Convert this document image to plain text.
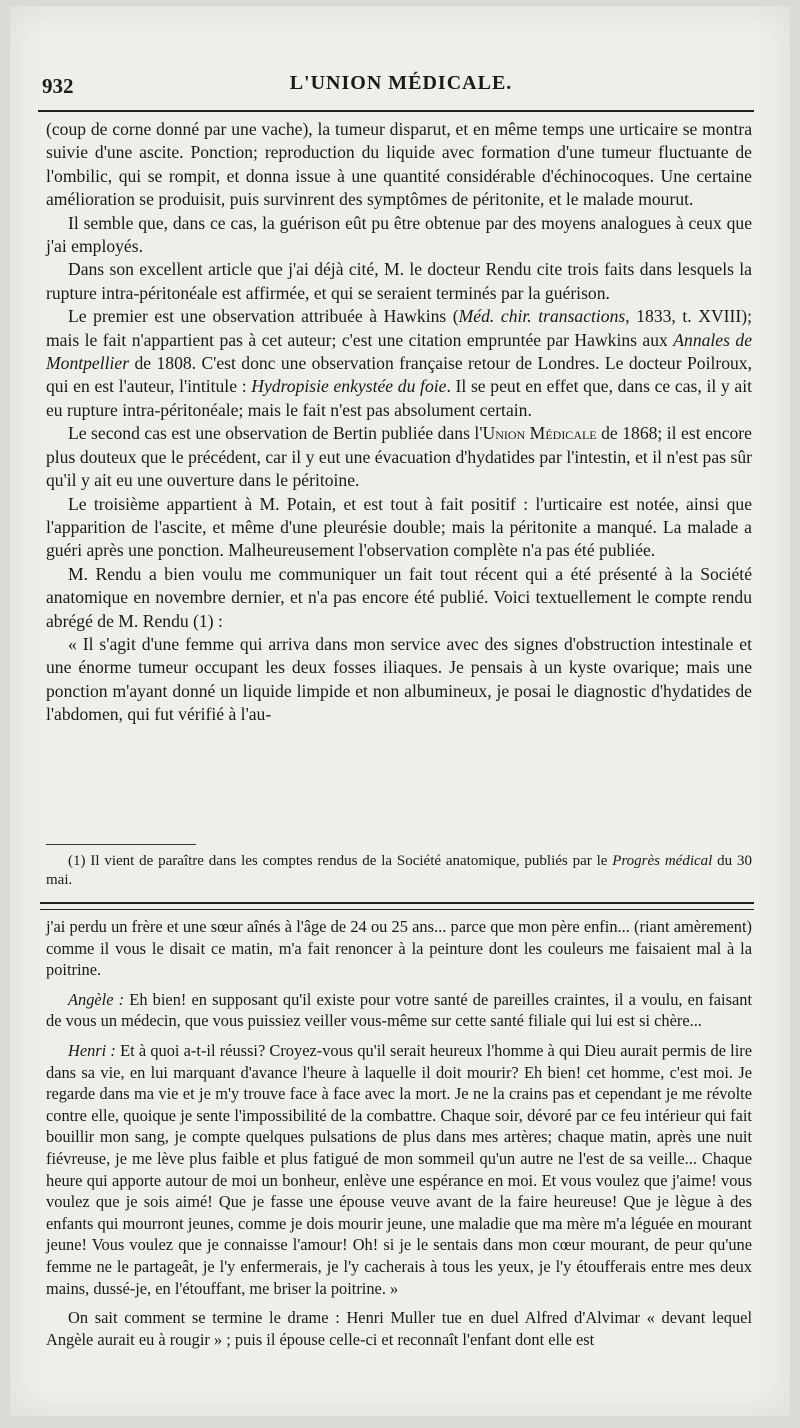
932	L'UNION MÉDICALE.

(coup de corne donné par une vache), la tumeur disparut, et en même temps une urticaire se montra suivie d'une ascite. Ponction; reproduction du liquide avec formation d'une tumeur fluctuante de l'ombilic, qui se rompit, et donna issue à une quantité considérable d'échinocoques. Une certaine amélioration se produisit, puis survinrent des symptômes de péritonite, et le malade mourut.

Il semble que, dans ce cas, la guérison eût pu être obtenue par des moyens analogues à ceux que j'ai employés.

Dans son excellent article que j'ai déjà cité, M. le docteur Rendu cite trois faits dans lesquels la rupture intra-péritonéale est affirmée, et qui se seraient terminés par la guérison.

Le premier est une observation attribuée à Hawkins (Méd. chir. transactions, 1833, t. XVIII); mais le fait n'appartient pas à cet auteur; c'est une citation empruntée par Hawkins aux Annales de Montpellier de 1808. C'est donc une observation française retour de Londres. Le docteur Poilroux, qui en est l'auteur, l'intitule : Hydropisie enkystée du foie. Il se peut en effet que, dans ce cas, il y ait eu rupture intra-péritonéale; mais le fait n'est pas absolument certain.

Le second cas est une observation de Bertin publiée dans l'Union Médicale de 1868; il est encore plus douteux que le précédent, car il y eut une évacuation d'hydatides par l'intestin, et il n'est pas sûr qu'il y ait eu une ouverture dans le péritoine.

Le troisième appartient à M. Potain, et est tout à fait positif : l'urticaire est notée, ainsi que l'apparition de l'ascite, et même d'une pleurésie double; mais la péritonite a manqué. La malade a guéri après une ponction. Malheureusement l'observation complète n'a pas été publiée.

M. Rendu a bien voulu me communiquer un fait tout récent qui a été présenté à la Société anatomique en novembre dernier, et n'a pas encore été publié. Voici textuellement le compte rendu abrégé de M. Rendu (1) :

« Il s'agit d'une femme qui arriva dans mon service avec des signes d'obstruction intestinale et une énorme tumeur occupant les deux fosses iliaques. Je pensais à un kyste ovarique; mais une ponction m'ayant donné un liquide limpide et non albumineux, je posai le diagnostic d'hydatides de l'abdomen, qui fut vérifié à l'au-

(1) Il vient de paraître dans les comptes rendus de la Société anatomique, publiés par le Progrès médical du 30 mai.

j'ai perdu un frère et une sœur aînés à l'âge de 24 ou 25 ans... parce que mon père enfin... (riant amèrement) comme il vous le disait ce matin, m'a fait renoncer à la peinture dont les couleurs me faisaient mal à la poitrine.

Angèle : Eh bien! en supposant qu'il existe pour votre santé de pareilles craintes, il a voulu, en faisant de vous un médecin, que vous puissiez veiller vous-même sur cette santé filiale qui lui est si chère...

Henri : Et à quoi a-t-il réussi? Croyez-vous qu'il serait heureux l'homme à qui Dieu aurait permis de lire dans sa vie, en lui marquant d'avance l'heure à laquelle il doit mourir? Eh bien! cet homme, c'est moi. Je regarde dans ma vie et je m'y trouve face à face avec la mort. Je ne la crains pas et cependant je me révolte contre elle, quoique je sente l'impossibilité de la combattre. Chaque soir, dévoré par ce feu intérieur qui fait bouillir mon sang, je compte quelques pulsations de plus dans mes artères; chaque matin, après une nuit fiévreuse, je me lève plus faible et plus fatigué de mon sommeil qu'un autre ne l'est de sa veille... Chaque heure qui apporte autour de moi un bonheur, enlève une espérance en moi. Et vous voulez que j'aime! vous voulez que je sois aimé! Que je fasse une épouse veuve avant de la faire heureuse! Que je lègue à des enfants qui mourront jeunes, comme je dois mourir jeune, une maladie que ma mère m'a léguée en mourant jeune! Vous voulez que je connaisse l'amour! Oh! si je le sentais dans mon cœur mourant, de peur qu'une femme ne le partageât, je l'y enfermerais, je l'y cacherais à tous les yeux, je l'y étoufferais entre mes deux mains, dussé-je, en l'étouffant, me briser la poitrine. »

On sait comment se termine le drame : Henri Muller tue en duel Alfred d'Alvimar « devant lequel Angèle aurait eu à rougir » ; puis il épouse celle-ci et reconnaît l'enfant dont elle est
